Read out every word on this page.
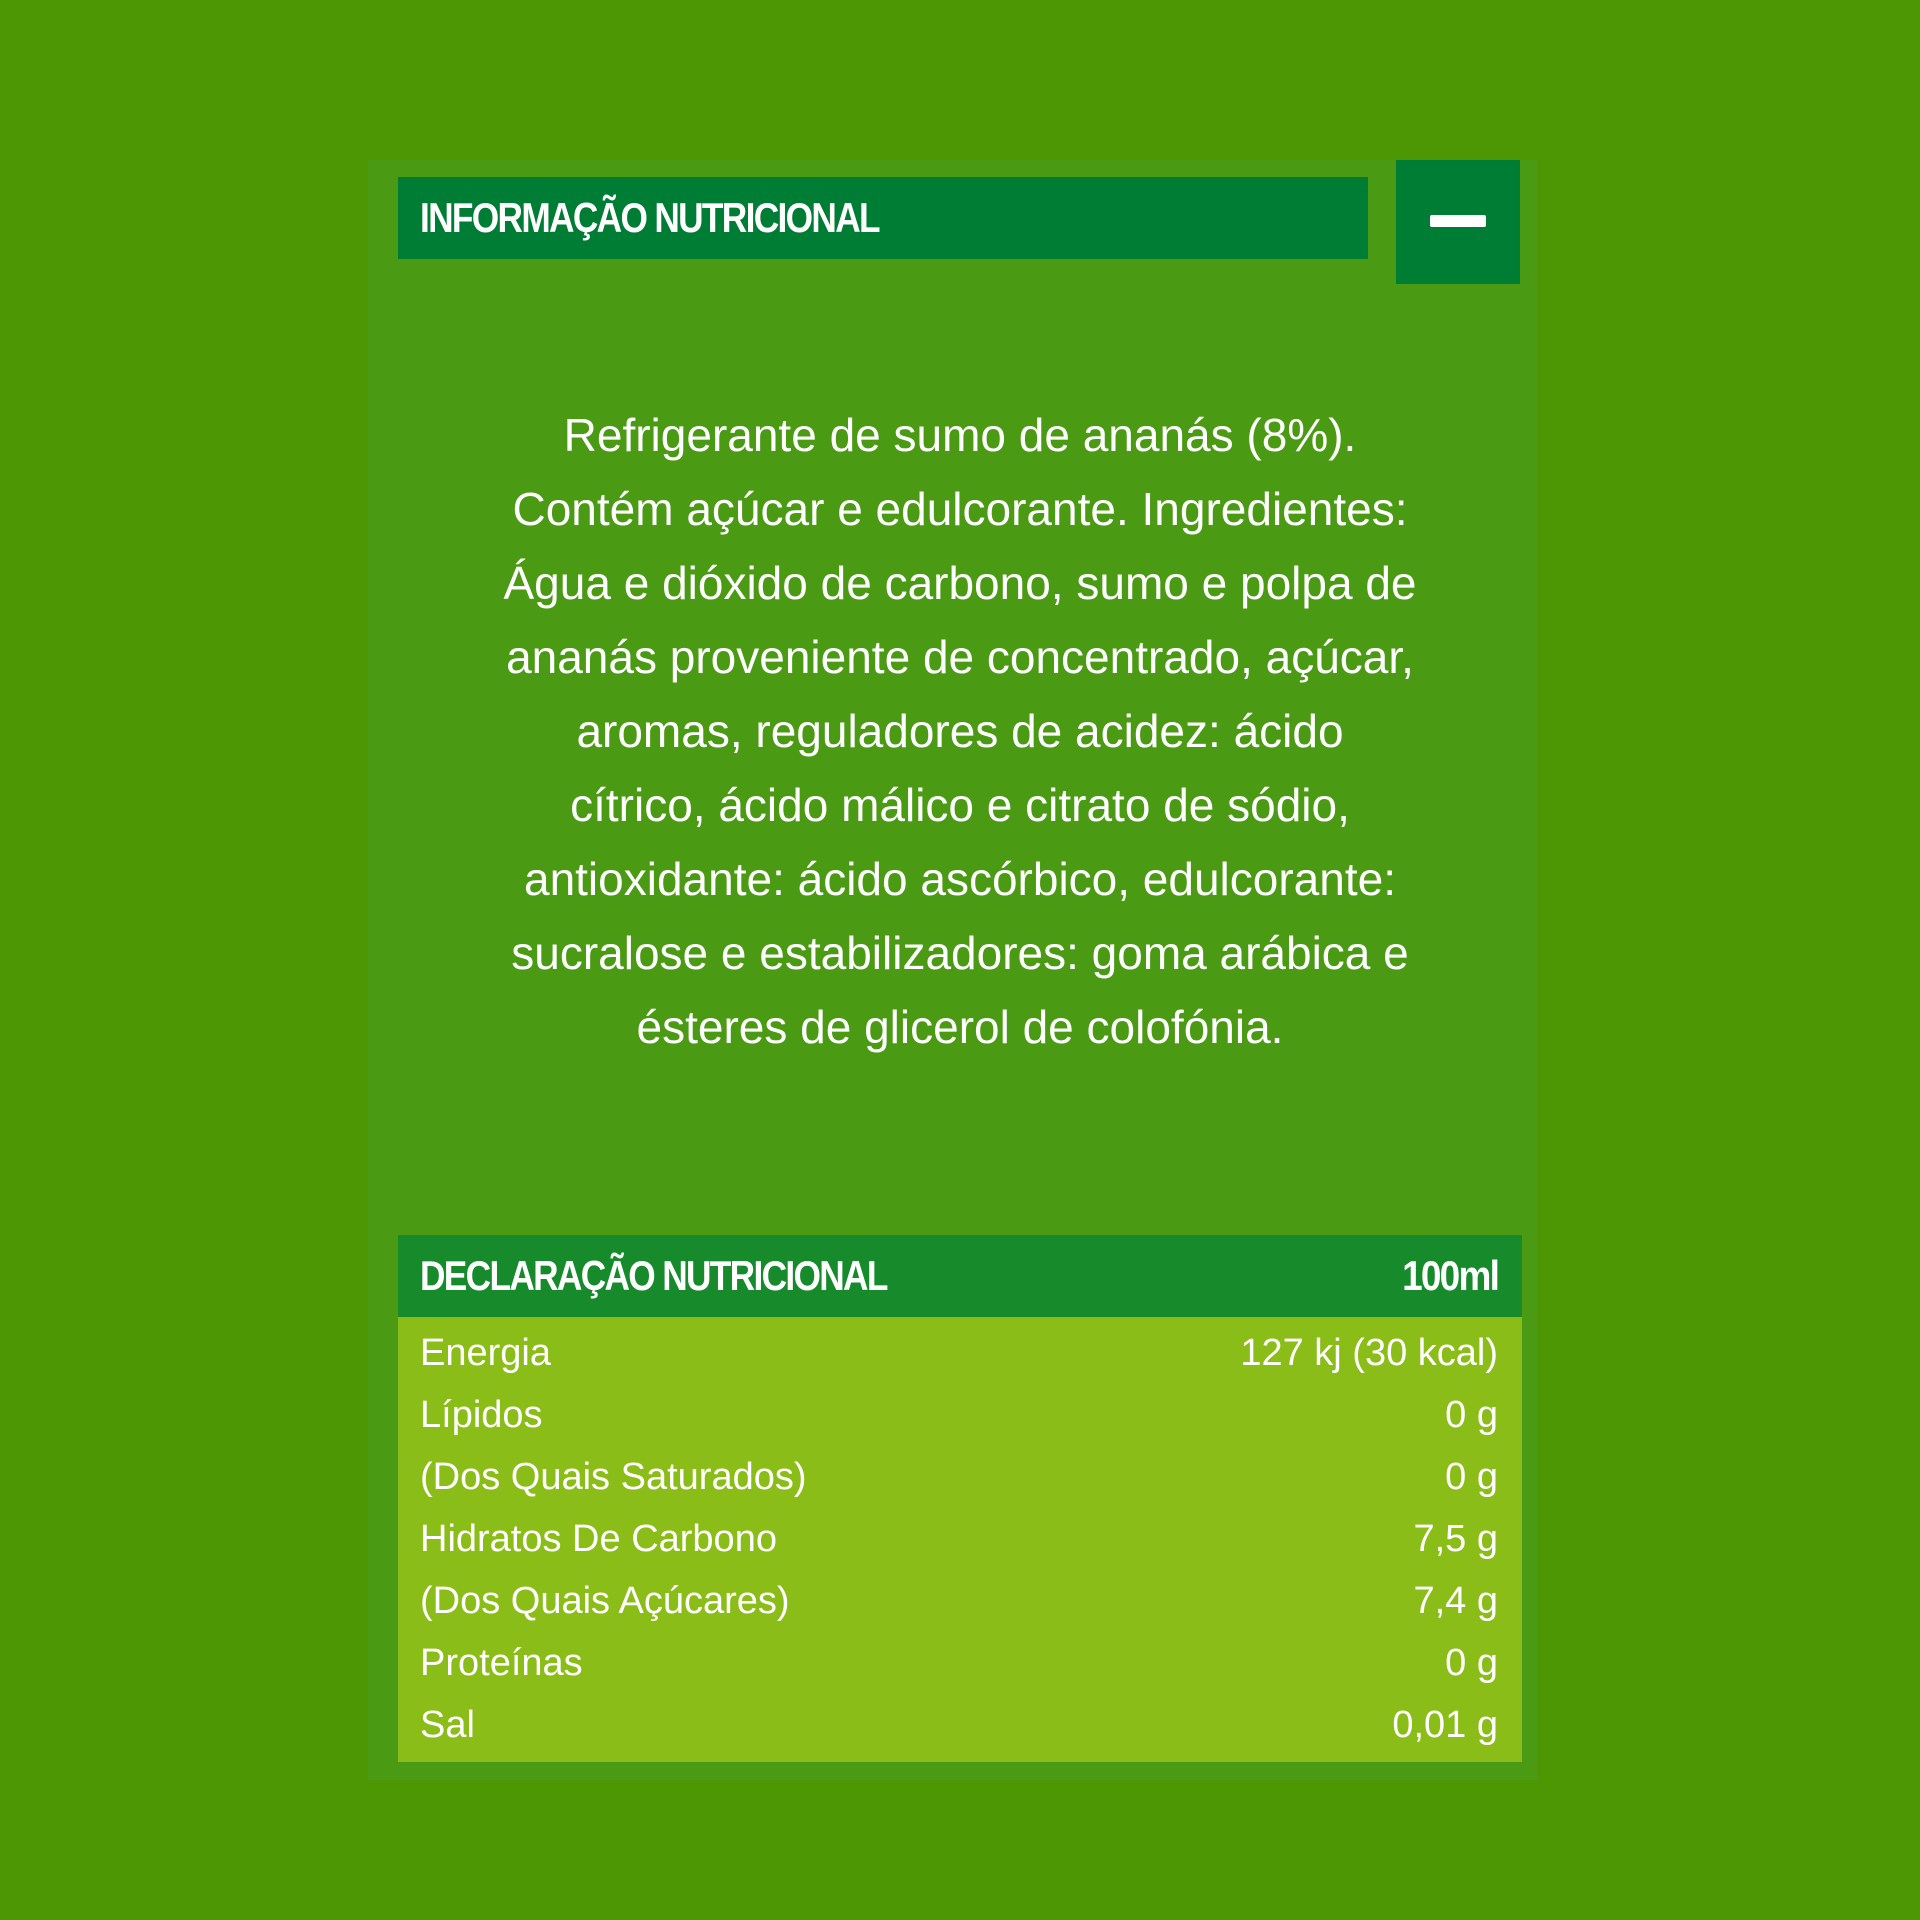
INFORMAÇÃO NUTRICIONAL
Refrigerante de sumo de ananás (8%).
Contém açúcar e edulcorante. Ingredientes:
Água e dióxido de carbono, sumo e polpa de
ananás proveniente de concentrado, açúcar,
aromas, reguladores de acidez: ácido
cítrico, ácido málico e citrato de sódio,
antioxidante: ácido ascórbico, edulcorante:
sucralose e estabilizadores: goma arábica e
ésteres de glicerol de colofónia.
DECLARAÇÃO NUTRICIONAL	100ml
Energia	127 kj (30 kcal)
Lípidos	0 g
(Dos Quais Saturados)	0 g
Hidratos De Carbono	7,5 g
(Dos Quais Açúcares)	7,4 g
Proteínas	0 g
Sal	0,01 g
